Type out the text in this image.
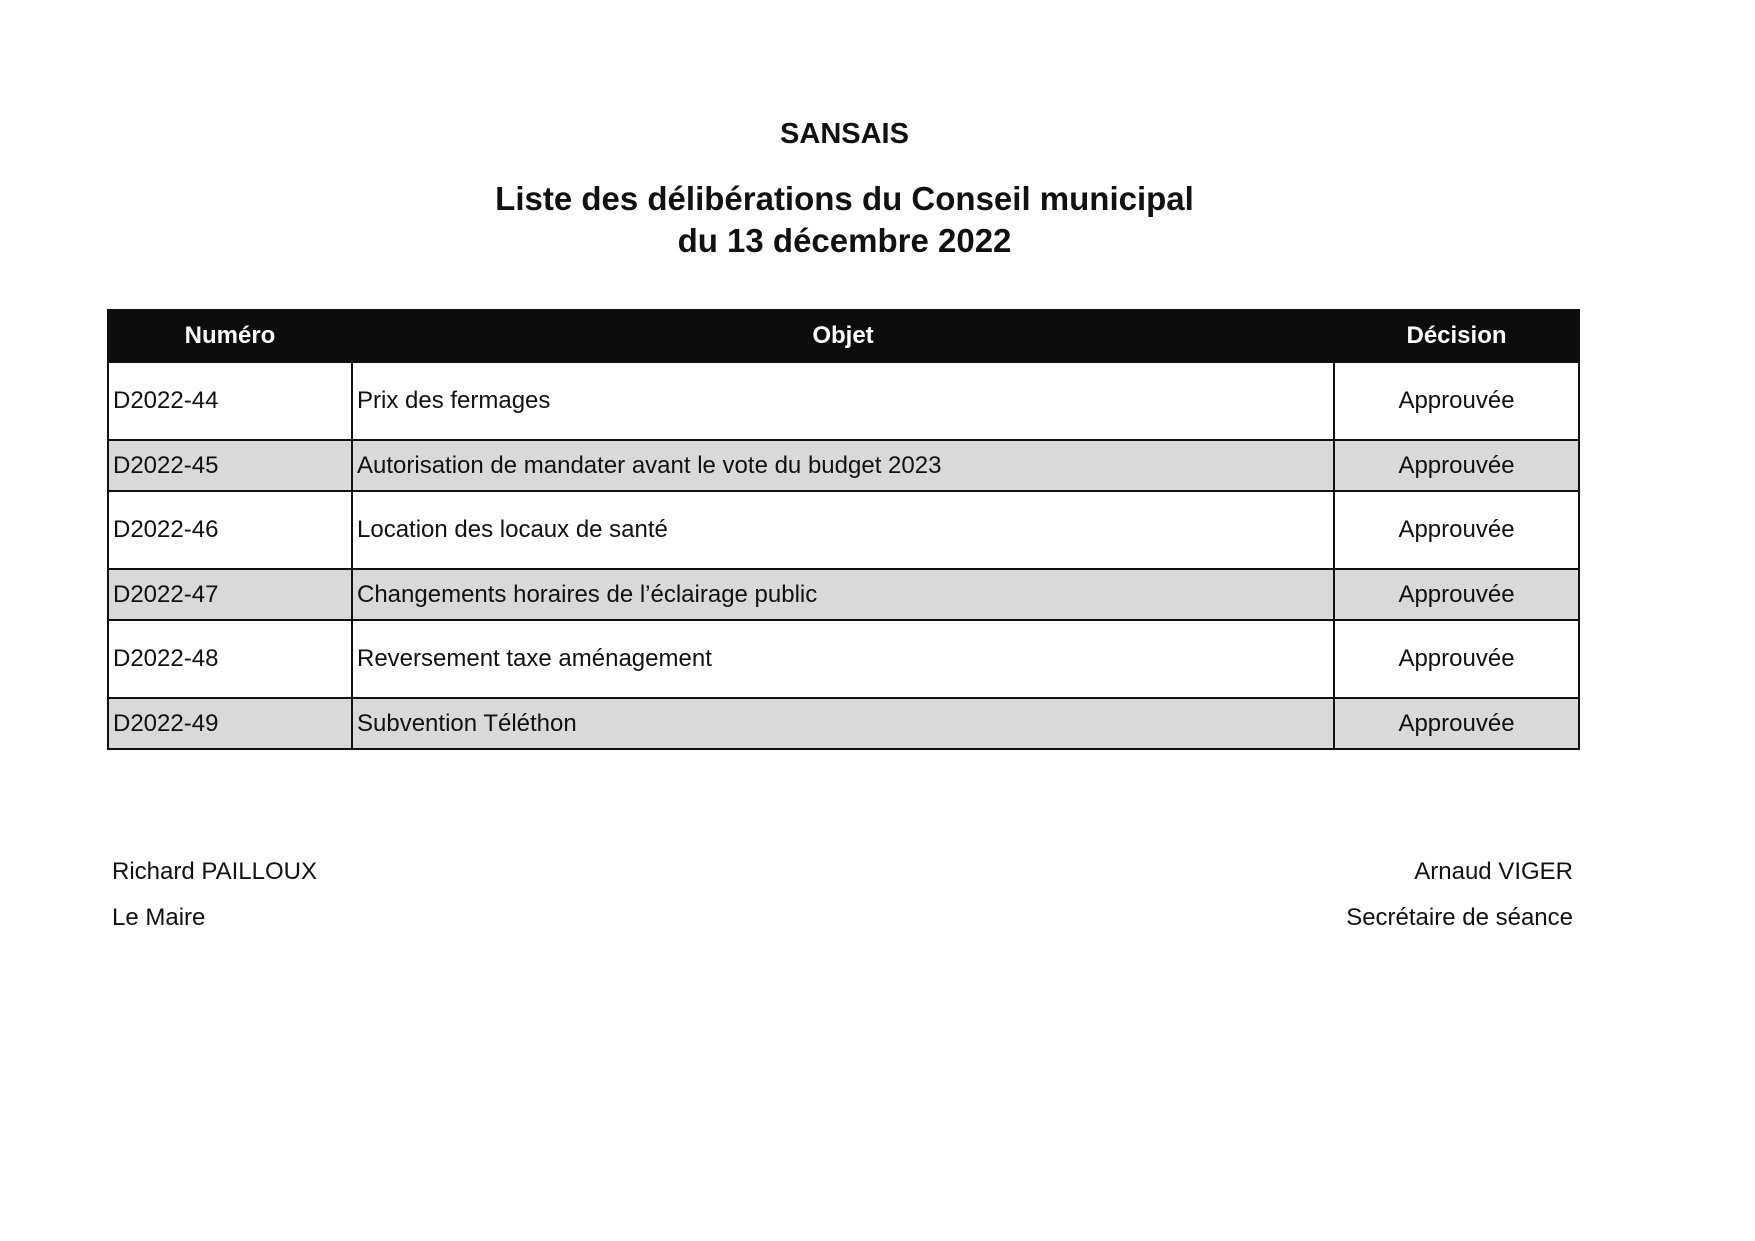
SANSAIS
Liste des délibérations du Conseil municipal
du 13 décembre 2022
Numéro	Objet	Décision
D2022-44	Prix des fermages	Approuvée
D2022-45	Autorisation de mandater avant le vote du budget 2023	Approuvée
D2022-46	Location des locaux de santé	Approuvée
D2022-47	Changements horaires de l’éclairage public	Approuvée
D2022-48	Reversement taxe aménagement	Approuvée
D2022-49	Subvention Téléthon	Approuvée
Richard PAILLOUX
Le Maire
Arnaud VIGER
Secrétaire de séance
